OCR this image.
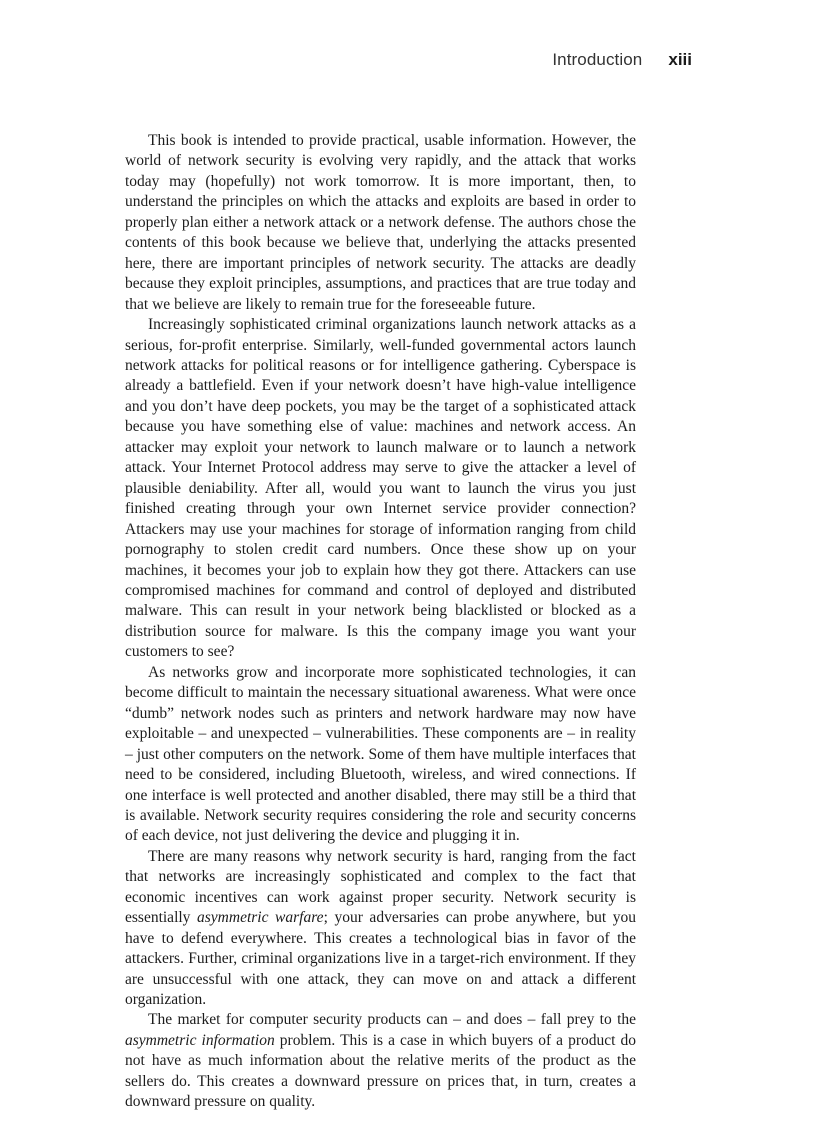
Introduction xiii

This book is intended to provide practical, usable information. However, the world of network security is evolving very rapidly, and the attack that works today may (hopefully) not work tomorrow. It is more important, then, to understand the principles on which the attacks and exploits are based in order to properly plan either a network attack or a network defense. The authors chose the contents of this book because we believe that, underlying the attacks presented here, there are important principles of network security. The attacks are deadly because they exploit principles, assumptions, and practices that are true today and that we believe are likely to remain true for the foreseeable future.

Increasingly sophisticated criminal organizations launch network attacks as a serious, for-profit enterprise. Similarly, well-funded governmental actors launch network attacks for political reasons or for intelligence gathering. Cyberspace is already a battlefield. Even if your network doesn’t have high-value intelligence and you don’t have deep pockets, you may be the target of a sophisticated attack because you have something else of value: machines and network access. An attacker may exploit your network to launch malware or to launch a network attack. Your Internet Protocol address may serve to give the attacker a level of plausible deniability. After all, would you want to launch the virus you just finished creating through your own Internet service provider connection? Attackers may use your machines for storage of information ranging from child pornography to stolen credit card numbers. Once these show up on your machines, it becomes your job to explain how they got there. Attackers can use compromised machines for command and control of deployed and distributed malware. This can result in your network being blacklisted or blocked as a distribution source for malware. Is this the company image you want your customers to see?

As networks grow and incorporate more sophisticated technologies, it can become difficult to maintain the necessary situational awareness. What were once “dumb” network nodes such as printers and network hardware may now have exploitable – and unexpected – vulnerabilities. These components are – in reality – just other computers on the network. Some of them have multiple interfaces that need to be considered, including Bluetooth, wireless, and wired connections. If one interface is well protected and another disabled, there may still be a third that is available. Network security requires considering the role and security concerns of each device, not just delivering the device and plugging it in.

There are many reasons why network security is hard, ranging from the fact that networks are increasingly sophisticated and complex to the fact that economic incentives can work against proper security. Network security is essentially asymmetric warfare; your adversaries can probe anywhere, but you have to defend everywhere. This creates a technological bias in favor of the attackers. Further, criminal organizations live in a target-rich environment. If they are unsuccessful with one attack, they can move on and attack a different organization.

The market for computer security products can – and does – fall prey to the asymmetric information problem. This is a case in which buyers of a product do not have as much information about the relative merits of the product as the sellers do. This creates a downward pressure on prices that, in turn, creates a downward pressure on quality.
